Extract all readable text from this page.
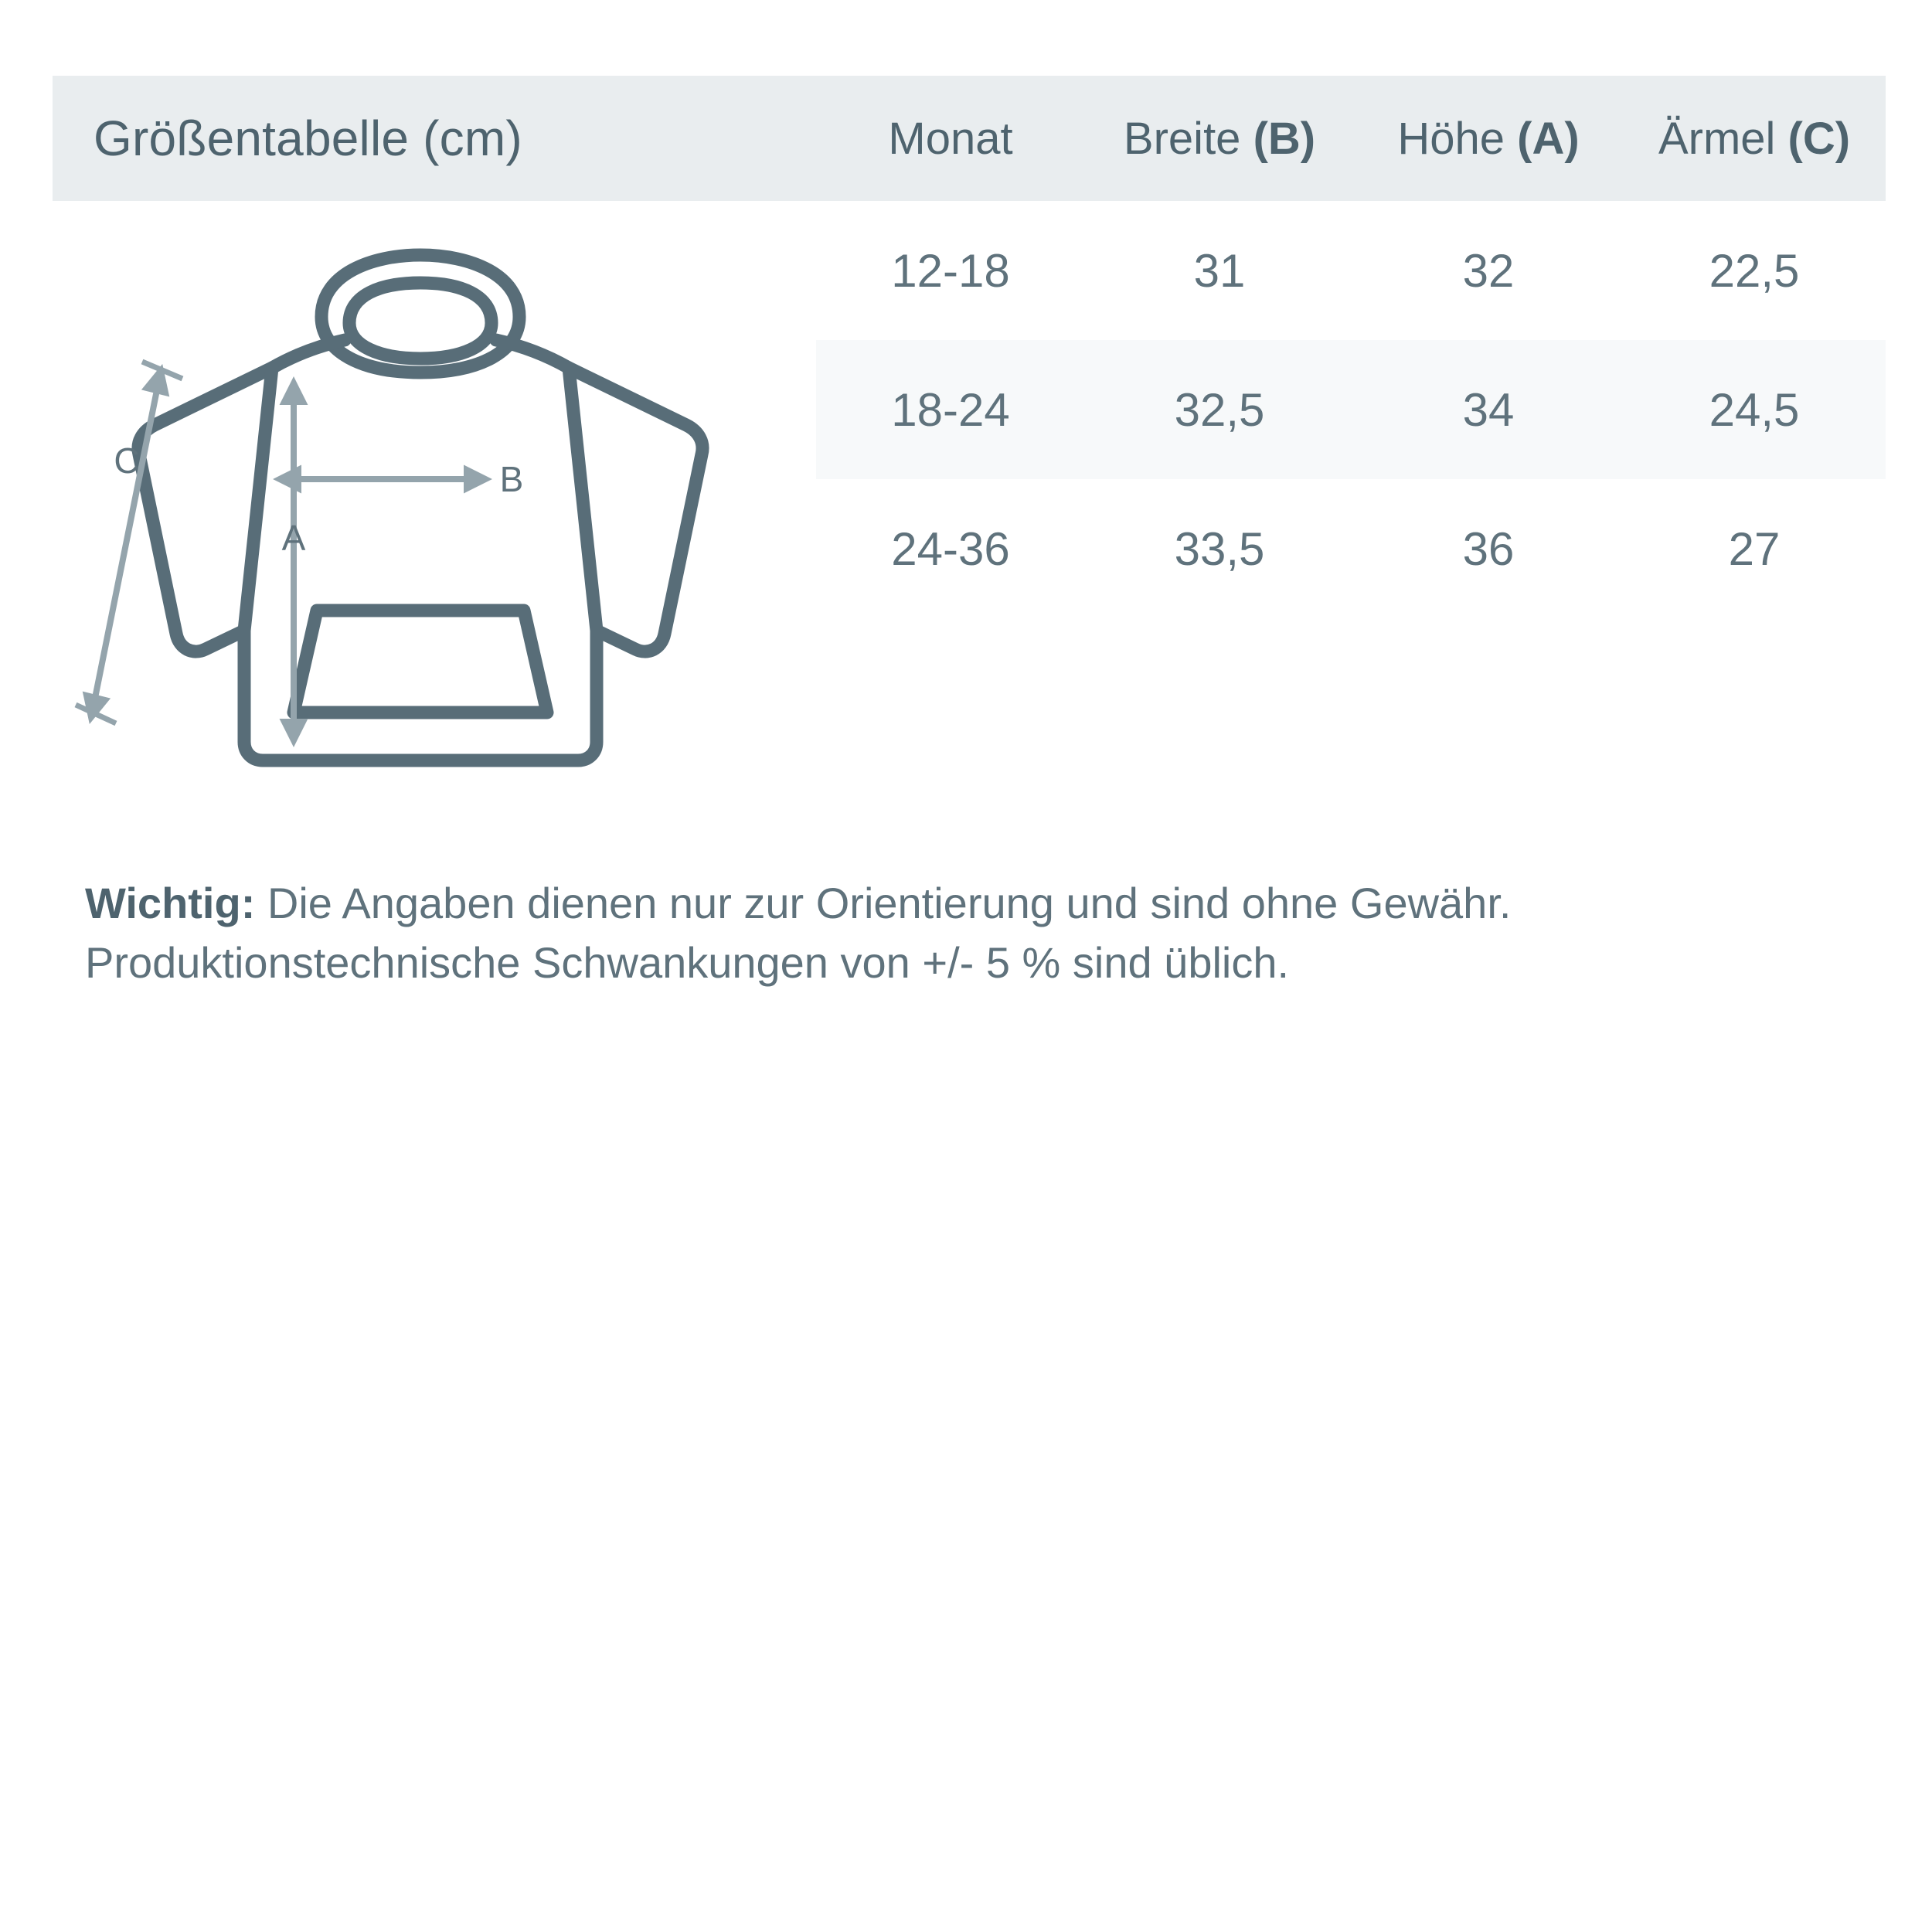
Größentabelle (cm)	Monat	Breite (B)	Höhe (A)	Ärmel (C)
	12-18	31	32	22,5
	18-24	32,5	34	24,5
	24-36	33,5	36	27
B
A
C
Wichtig: Die Angaben dienen nur zur Orientierung und sind ohne Gewähr.
Produktionstechnische Schwankungen von +/- 5 % sind üblich.
